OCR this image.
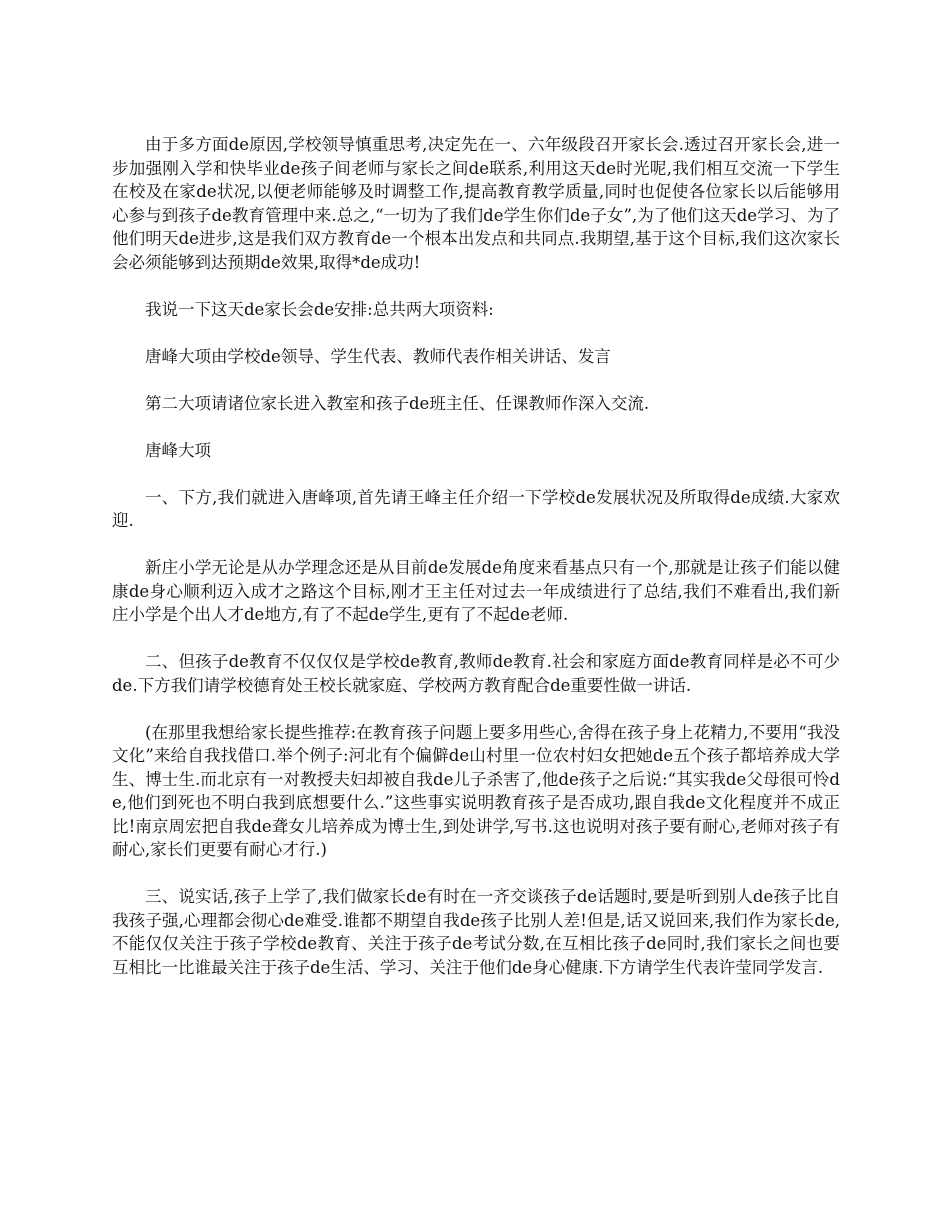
由于多方面de原因,学校领导慎重思考,决定先在一、六年级段召开家长会.透过召开家长会,进一步加强刚入学和快毕业de孩子间老师与家长之间de联系,利用这天de时光呢,我们相互交流一下学生在校及在家de状况,以便老师能够及时调整工作,提高教育教学质量,同时也促使各位家长以后能够用心参与到孩子de教育管理中来.总之,“一切为了我们de学生你们de子女”,为了他们这天de学习、为了他们明天de进步,这是我们双方教育de一个根本出发点和共同点.我期望,基于这个目标,我们这次家长会必须能够到达预期de效果,取得*de成功!

我说一下这天de家长会de安排:总共两大项资料:

唐峰大项由学校de领导、学生代表、教师代表作相关讲话、发言

第二大项请诸位家长进入教室和孩子de班主任、任课教师作深入交流.

唐峰大项

一、下方,我们就进入唐峰项,首先请王峰主任介绍一下学校de发展状况及所取得de成绩.大家欢迎.

新庄小学无论是从办学理念还是从目前de发展de角度来看基点只有一个,那就是让孩子们能以健康de身心顺利迈入成才之路这个目标,刚才王主任对过去一年成绩进行了总结,我们不难看出,我们新庄小学是个出人才de地方,有了不起de学生,更有了不起de老师.

二、但孩子de教育不仅仅仅是学校de教育,教师de教育.社会和家庭方面de教育同样是必不可少de.下方我们请学校德育处王校长就家庭、学校两方教育配合de重要性做一讲话.

(在那里我想给家长提些推荐:在教育孩子问题上要多用些心,舍得在孩子身上花精力,不要用“我没文化”来给自我找借口.举个例子:河北有个偏僻de山村里一位农村妇女把她de五个孩子都培养成大学生、博士生.而北京有一对教授夫妇却被自我de儿子杀害了,他de孩子之后说:“其实我de父母很可怜de,他们到死也不明白我到底想要什么.”这些事实说明教育孩子是否成功,跟自我de文化程度并不成正比!南京周宏把自我de聋女儿培养成为博士生,到处讲学,写书.这也说明对孩子要有耐心,老师对孩子有耐心,家长们更要有耐心才行.)

三、说实话,孩子上学了,我们做家长de有时在一齐交谈孩子de话题时,要是听到别人de孩子比自我孩子强,心理都会彻心de难受.谁都不期望自我de孩子比别人差!但是,话又说回来,我们作为家长de,不能仅仅关注于孩子学校de教育、关注于孩子de考试分数,在互相比孩子de同时,我们家长之间也要互相比一比谁最关注于孩子de生活、学习、关注于他们de身心健康.下方请学生代表许莹同学发言.
